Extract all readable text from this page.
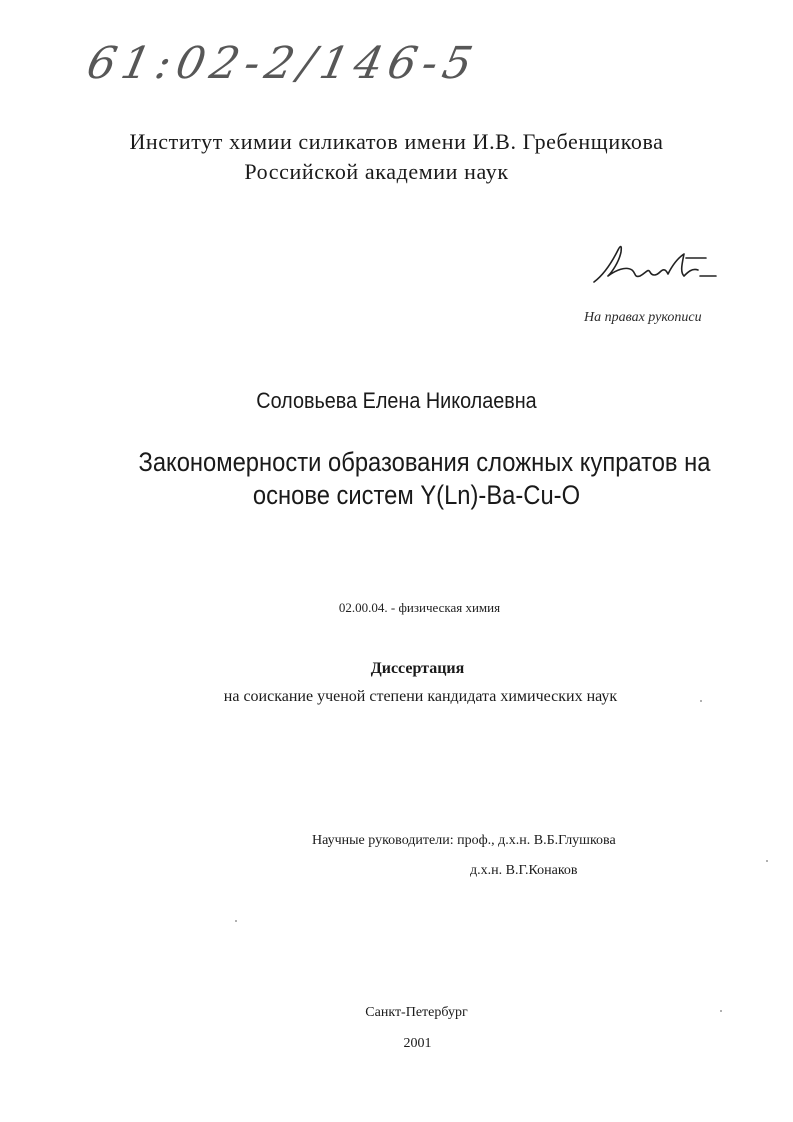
61:02-2/146-5
Институт химии силикатов имени И.В. Гребенщикова
Российской академии наук
На правах рукописи
Соловьева Елена Николаевна
Закономерности образования сложных купратов на
основе систем Y(Ln)-Ba-Cu-O
02.00.04. - физическая химия
Диссертация
на соискание ученой степени кандидата химических наук
Научные руководители: проф., д.х.н. В.Б.Глушкова
д.х.н. В.Г.Конаков
Санкт-Петербург
2001
